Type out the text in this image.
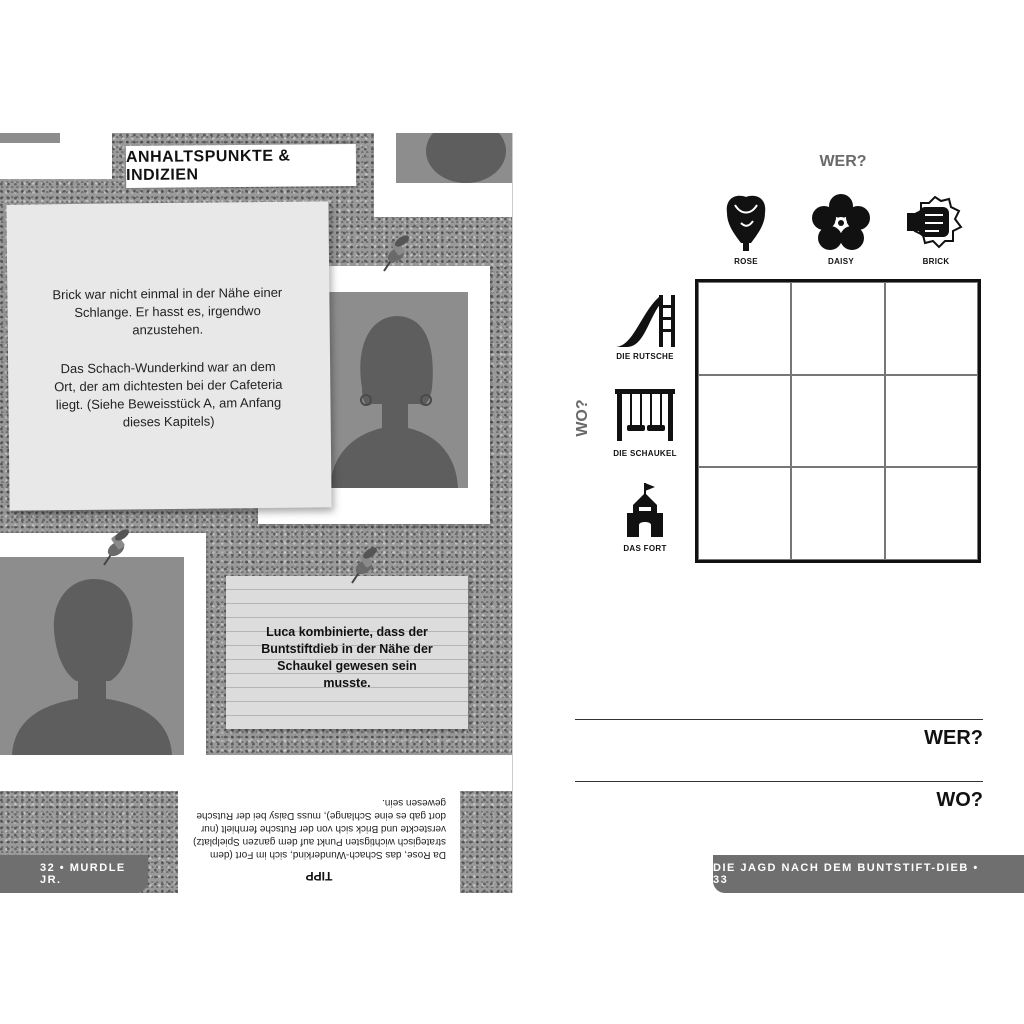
ANHALTSPUNKTE & INDIZIEN
Brick war nicht einmal in der Nähe einer Schlange. Er hasst es, irgendwo anzustehen.
Das Schach-Wunderkind war an dem Ort, der am dichtesten bei der Cafeteria liegt. (Siehe Beweisstück A, am Anfang dieses Kapitels)
Luca kombinierte, dass der Buntstiftdieb in der Nähe der Schaukel gewesen sein musste.
TIPP
Da Rose, das Schach-Wunderkind, sich im Fort (dem strategisch wichtigsten Punkt auf dem ganzen Spielplatz) versteckte und Brick sich von der Rutsche fernhielt (nur dort gab es eine Schlange), muss Daisy bei der Rutsche gewesen sein.
32 • MURDLE JR.
WER?
ROSE	DAISY	BRICK
WO?
DIE RUTSCHE
DIE SCHAUKEL
DAS FORT
WER?
WO?
DIE JAGD NACH DEM BUNTSTIFT-DIEB • 33
